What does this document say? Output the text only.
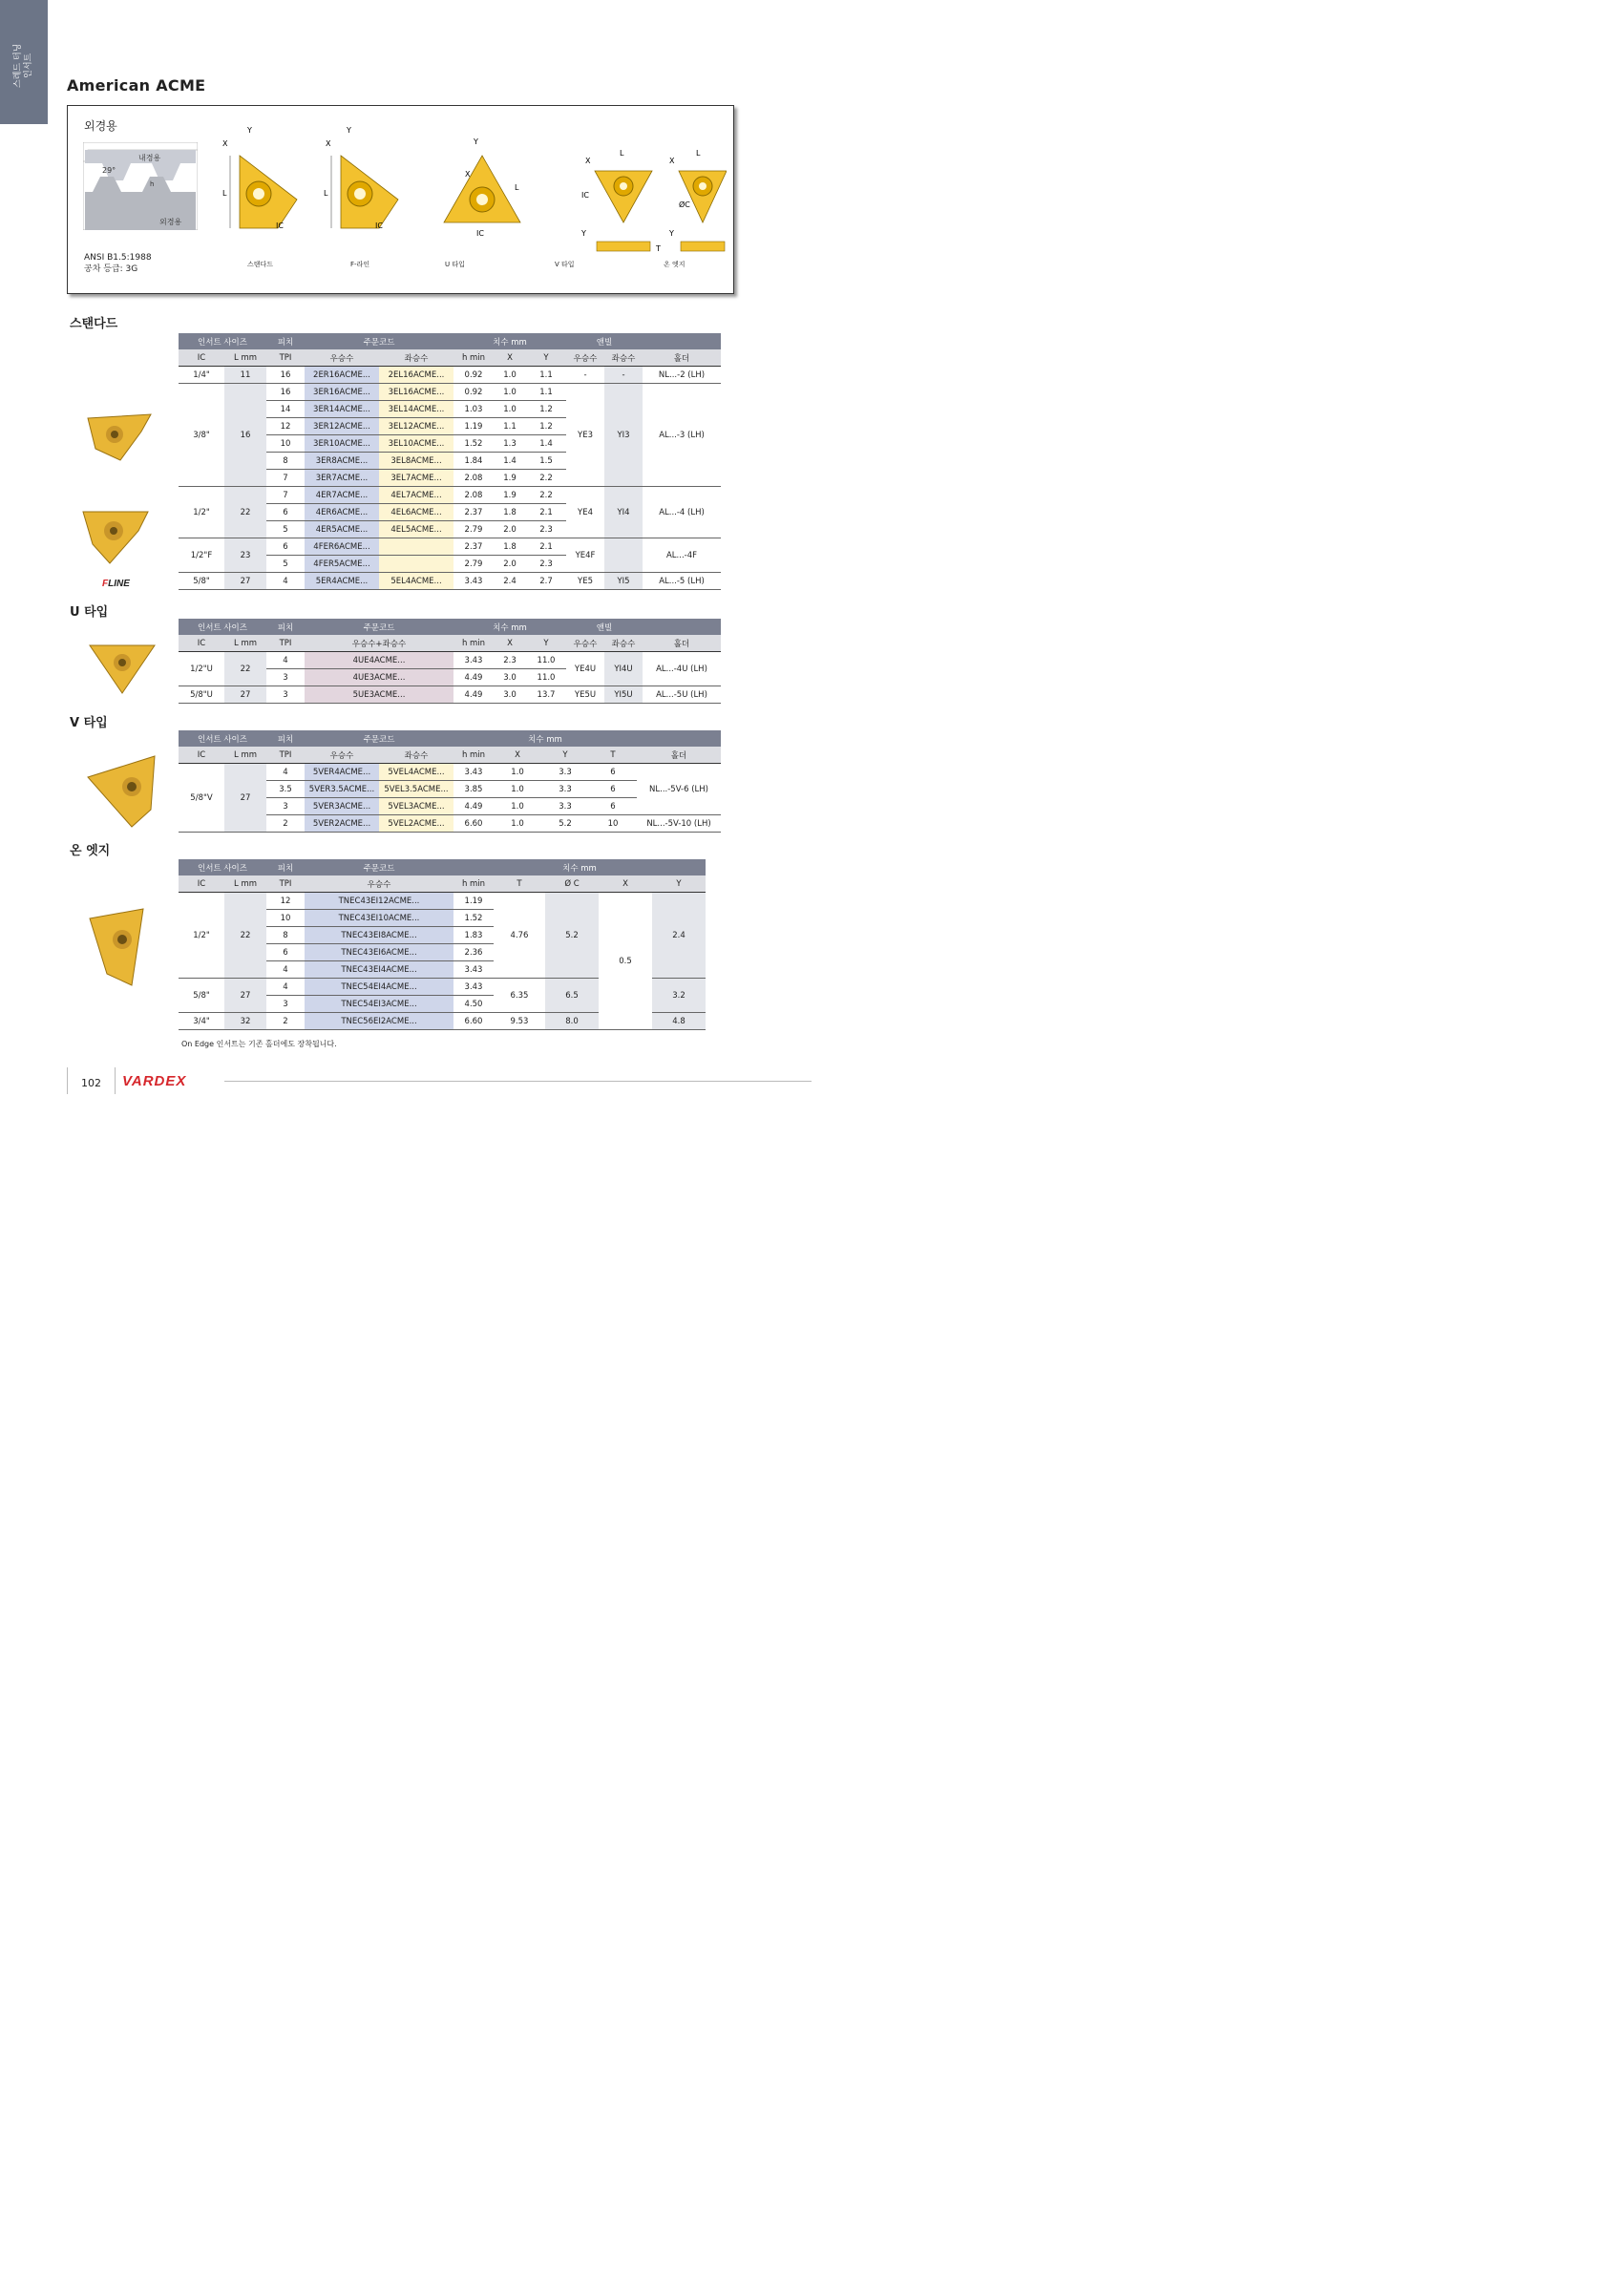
스레드 터닝
인서트
American ACME
외경용
29°
내경용
h
외경용
ANSI B1.5:1988
공차 등급: 3G
L
X
Y
IC
L
X
Y
IC
Y
X
L
IC
L
X
IC
Y
T
L
X
ØC
Y
스탠다드	F-라인	U 타입	V 타입	온 엣지
스탠다드
FLINE
인서트 사이즈		피치	주문코드		치수 mm			앤빌		
IC	L mm	TPI	우승수	좌승수	h min	X	Y	우승수	좌승수	홀더
1/4"	11	16	2ER16ACME...	2EL16ACME...	0.92	1.0	1.1	-	-	NL...-2 (LH)
3/8"	16	16	3ER16ACME...	3EL16ACME...	0.92	1.0	1.1	YE3	YI3	AL...-3 (LH)
		14	3ER14ACME...	3EL14ACME...	1.03	1.0	1.2			
		12	3ER12ACME...	3EL12ACME...	1.19	1.1	1.2			
		10	3ER10ACME...	3EL10ACME...	1.52	1.3	1.4			
		8	3ER8ACME...	3EL8ACME...	1.84	1.4	1.5			
		7	3ER7ACME...	3EL7ACME...	2.08	1.9	2.2			
1/2"	22	7	4ER7ACME...	4EL7ACME...	2.08	1.9	2.2	YE4	YI4	AL...-4 (LH)
		6	4ER6ACME...	4EL6ACME...	2.37	1.8	2.1			
		5	4ER5ACME...	4EL5ACME...	2.79	2.0	2.3			
1/2"F	23	6	4FER6ACME...		2.37	1.8	2.1	YE4F		AL...-4F
		5	4FER5ACME...		2.79	2.0	2.3			
5/8"	27	4	5ER4ACME...	5EL4ACME...	3.43	2.4	2.7	YE5	YI5	AL...-5 (LH)
U 타입
인서트 사이즈		피치	주문코드	치수 mm			앤빌		
IC	L mm	TPI	우승수+좌승수	h min	X	Y	우승수	좌승수	홀더
1/2"U	22	4	4UE4ACME...	3.43	2.3	11.0	YE4U	YI4U	AL...-4U (LH)
		3	4UE3ACME...	4.49	3.0	11.0			
5/8"U	27	3	5UE3ACME...	4.49	3.0	13.7	YE5U	YI5U	AL...-5U (LH)
V 타입
인서트 사이즈		피치	주문코드		치수 mm				
IC	L mm	TPI	우승수	좌승수	h min	X	Y	T	홀더
5/8"V	27	4	5VER4ACME...	5VEL4ACME...	3.43	1.0	3.3	6	NL...-5V-6 (LH)
		3.5	5VER3.5ACME...	5VEL3.5ACME...	3.85	1.0	3.3	6	
		3	5VER3ACME...	5VEL3ACME...	4.49	1.0	3.3	6	
		2	5VER2ACME...	5VEL2ACME...	6.60	1.0	5.2	10	NL...-5V-10 (LH)
온 엣지
인서트 사이즈		피치	주문코드	치수 mm				
IC	L mm	TPI	우승수	h min	T	Ø C	X	Y
1/2"	22	12	TNEC43EI12ACME...	1.19	4.76	5.2	0.5	2.4
		10	TNEC43EI10ACME...	1.52				
		8	TNEC43EI8ACME...	1.83				
		6	TNEC43EI6ACME...	2.36				
		4	TNEC43EI4ACME...	3.43				
5/8"	27	4	TNEC54EI4ACME...	3.43	6.35	6.5		3.2
		3	TNEC54EI3ACME...	4.50				
3/4"	32	2	TNEC56EI2ACME...	6.60	9.53	8.0		4.8
On Edge 인서트는 기존 홀더에도 장착됩니다.
102 VARDEX
